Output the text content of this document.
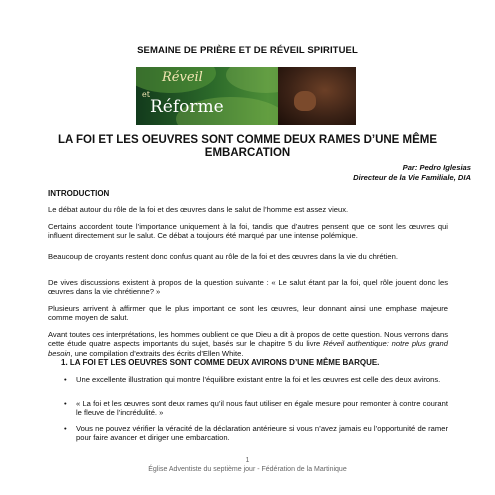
SEMAINE DE PRIÈRE ET DE RÉVEIL SPIRITUEL
Réveil
et
Réforme
LA FOI ET LES OEUVRES SONT COMME DEUX RAMES D’UNE MÊME EMBARCATION
Par: Pedro Iglesias
Directeur de la Vie Familiale, DIA
INTRODUCTION
Le débat autour du rôle de la foi et des œuvres dans le salut de l’homme est assez vieux.
Certains accordent toute l’importance uniquement à la foi, tandis que d’autres pensent que ce sont les œuvres qui influent directement sur le salut. Ce débat a toujours été marqué par une intense polémique.
Beaucoup de croyants restent donc confus quant au rôle de la foi et des œuvres dans la vie du chrétien.
De vives discussions existent à propos de la question suivante : « Le salut étant par la foi, quel rôle jouent donc les œuvres dans la vie chrétienne? »
Plusieurs arrivent à affirmer que le plus important ce sont les œuvres, leur donnant ainsi une emphase majeure comme moyen de salut.
Avant toutes ces interprétations, les hommes oublient ce que Dieu a dit à propos de cette question. Nous verrons dans cette étude quatre aspects importants du sujet, basés sur le chapitre 5 du livre Réveil authentique: notre plus grand besoin, une compilation d’extraits des écrits d’Ellen White.
1. LA FOI ET LES OEUVRES SONT COMME DEUX AVIRONS D’UNE MÊME BARQUE.
• Une excellente illustration qui montre l’équilibre existant entre la foi et les œuvres est celle des deux avirons.
• « La foi et les œuvres sont deux rames qu’il nous faut utiliser en égale mesure pour remonter à contre courant le fleuve de l’incrédulité. »
• Vous ne pouvez vérifier la véracité de la déclaration antérieure si vous n’avez jamais eu l’opportunité de ramer pour faire avancer et diriger une embarcation.
1
Église Adventiste du septième jour - Fédération de la Martinique
